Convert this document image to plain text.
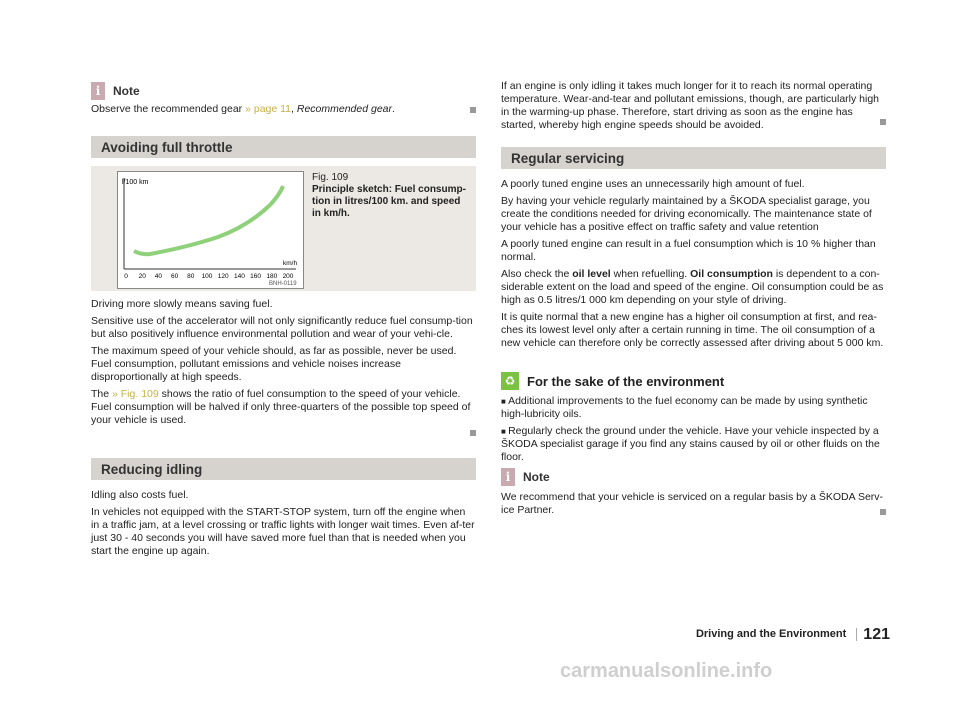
i	Note

Observe the recommended gear » page 11, Recommended gear.

Avoiding full throttle
l/100 km
km/h
0 20 40 60 80 100 120 140 160 180 200
BNH-0119
Fig. 109
Principle sketch: Fuel consump-tion in litres/100 km. and speed in km/h.

Driving more slowly means saving fuel.

Sensitive use of the accelerator will not only significantly reduce fuel consump-tion but also positively influence environmental pollution and wear of your vehi-cle.

The maximum speed of your vehicle should, as far as possible, never be used. Fuel consumption, pollutant emissions and vehicle noises increase disproportionally at high speeds.

The » Fig. 109 shows the ratio of fuel consumption to the speed of your vehicle. Fuel consumption will be halved if only three-quarters of the possible top speed of your vehicle is used.

Reducing idling

Idling also costs fuel.

In vehicles not equipped with the START-STOP system, turn off the engine when in a traffic jam, at a level crossing or traffic lights with longer wait times. Even af-ter just 30 - 40 seconds you will have saved more fuel than that is needed when you start the engine up again.

If an engine is only idling it takes much longer for it to reach its normal operating temperature. Wear-and-tear and pollutant emissions, though, are particularly high in the warming-up phase. Therefore, start driving as soon as the engine has started, whereby high engine speeds should be avoided.

Regular servicing

A poorly tuned engine uses an unnecessarily high amount of fuel.

By having your vehicle regularly maintained by a ŠKODA specialist garage, you create the conditions needed for driving economically. The maintenance state of your vehicle has a positive effect on traffic safety and value retention

A poorly tuned engine can result in a fuel consumption which is 10 % higher than normal.

Also check the oil level when refuelling. Oil consumption is dependent to a con-siderable extent on the load and speed of the engine. Oil consumption could be as high as 0.5 litres/1 000 km depending on your style of driving.

It is quite normal that a new engine has a higher oil consumption at first, and rea-ches its lowest level only after a certain running in time. The oil consumption of a new vehicle can therefore only be correctly assessed after driving about 5 000 km.

♻ For the sake of the environment

■ Additional improvements to the fuel economy can be made by using synthetic high-lubricity oils.

■ Regularly check the ground under the vehicle. Have your vehicle inspected by a ŠKODA specialist garage if you find any stains caused by oil or other fluids on the floor.

i	Note

We recommend that your vehicle is serviced on a regular basis by a ŠKODA Serv-ice Partner.

Driving and the Environment	121
carmanualsonline.info
